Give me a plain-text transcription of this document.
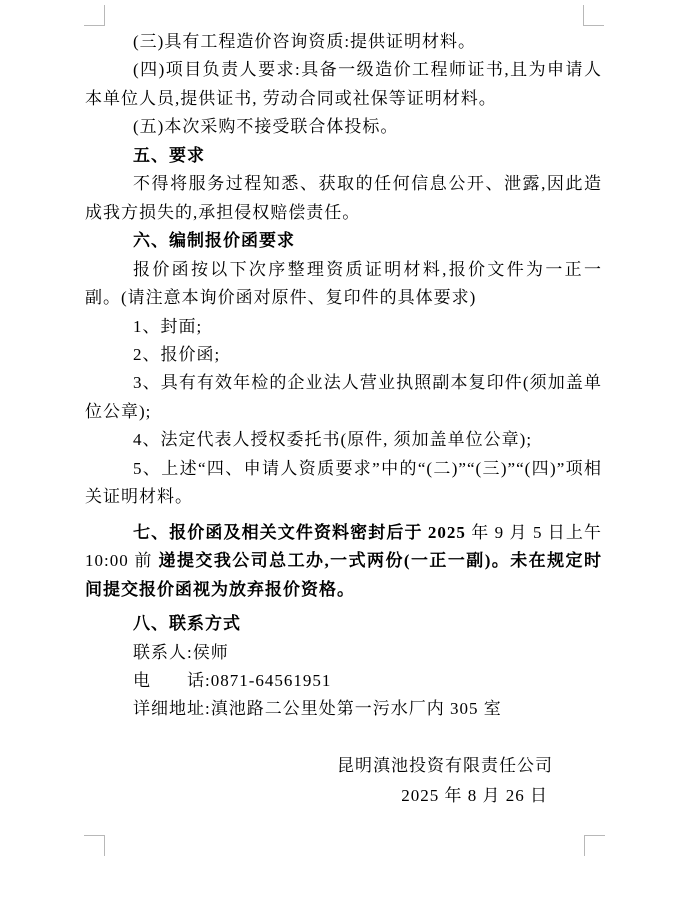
(三)具有工程造价咨询资质:提供证明材料。

(四)项目负责人要求:具备一级造价工程师证书,且为申请人本单位人员,提供证书, 劳动合同或社保等证明材料。

(五)本次采购不接受联合体投标。

五、要求

不得将服务过程知悉、获取的任何信息公开、泄露,因此造成我方损失的,承担侵权赔偿责任。

六、编制报价函要求

报价函按以下次序整理资质证明材料,报价文件为一正一副。(请注意本询价函对原件、复印件的具体要求)

1、封面;

2、报价函;

3、具有有效年检的企业法人营业执照副本复印件(须加盖单位公章);

4、法定代表人授权委托书(原件, 须加盖单位公章);

5、上述“四、申请人资质要求”中的“(二)”“(三)”“(四)”项相关证明材料。

七、报价函及相关文件资料密封后于 2025 年 9 月 5 日上午 10:00 前 递提交我公司总工办,一式两份(一正一副)。未在规定时间提交报价函视为放弃报价资格。

八、联系方式

联系人:侯师

电　　话:0871-64561951

详细地址:滇池路二公里处第一污水厂内 305 室

昆明滇池投资有限责任公司

2025 年 8 月 26 日
